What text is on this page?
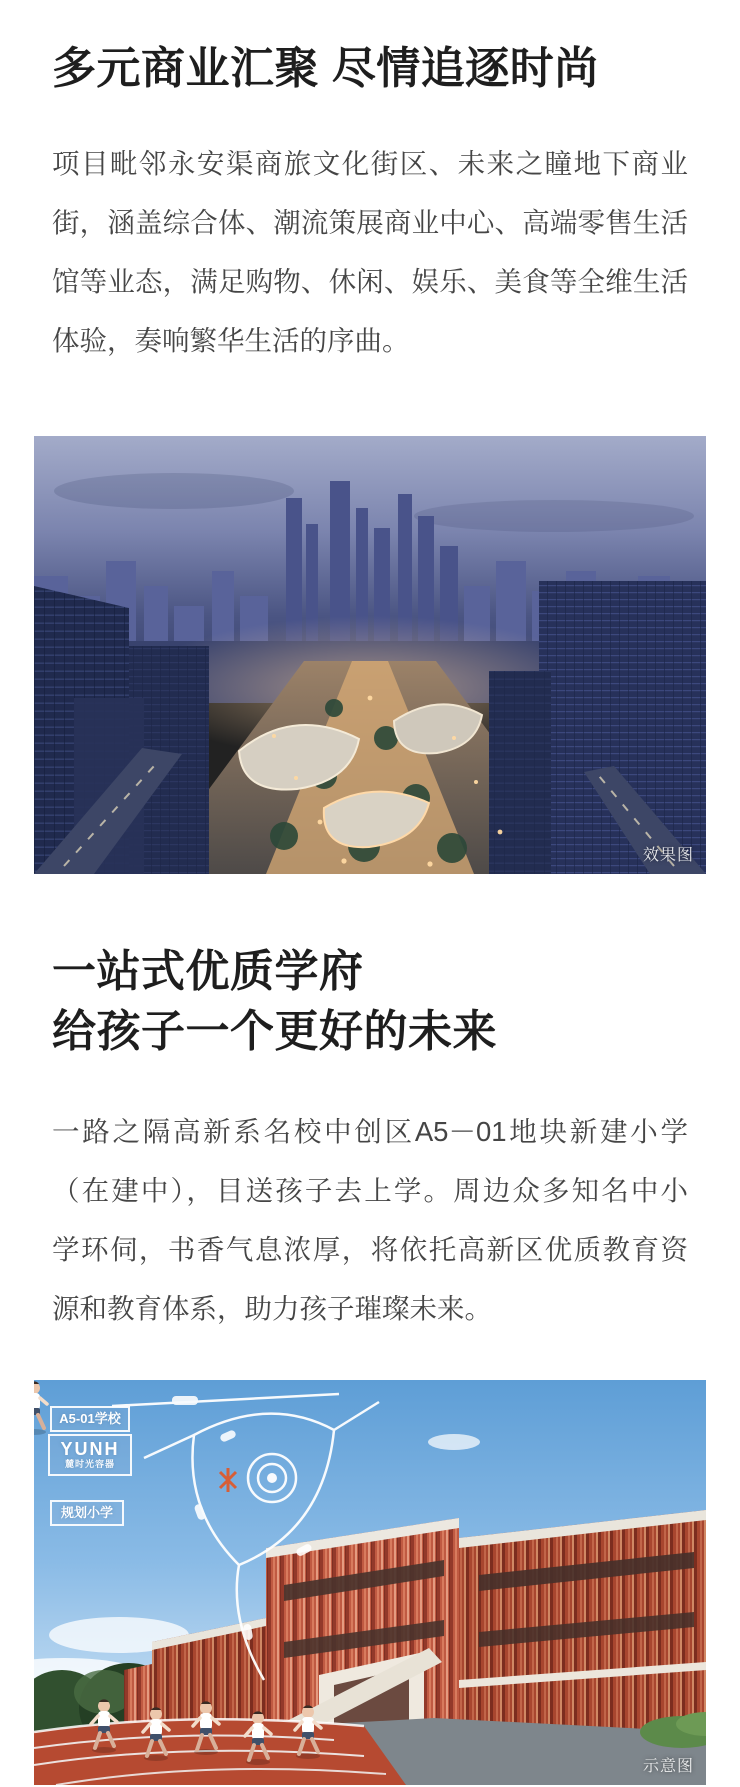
多元商业汇聚 尽情追逐时尚
项目毗邻永安渠商旅文化街区、未来之瞳地下商业
街，涵盖综合体、潮流策展商业中心、高端零售生活
馆等业态，满足购物、休闲、娱乐、美食等全维生活
体验，奏响繁华生活的序曲。
效果图
一站式优质学府
给孩子一个更好的未来
一路之隔高新系名校中创区A5－01地块新建小学
（在建中），目送孩子去上学。周边众多知名中小
学环伺，书香气息浓厚，将依托高新区优质教育资
源和教育体系，助力孩子璀璨未来。
A5-01学校
YUNH
麓时光容器
规划小学
示意图
